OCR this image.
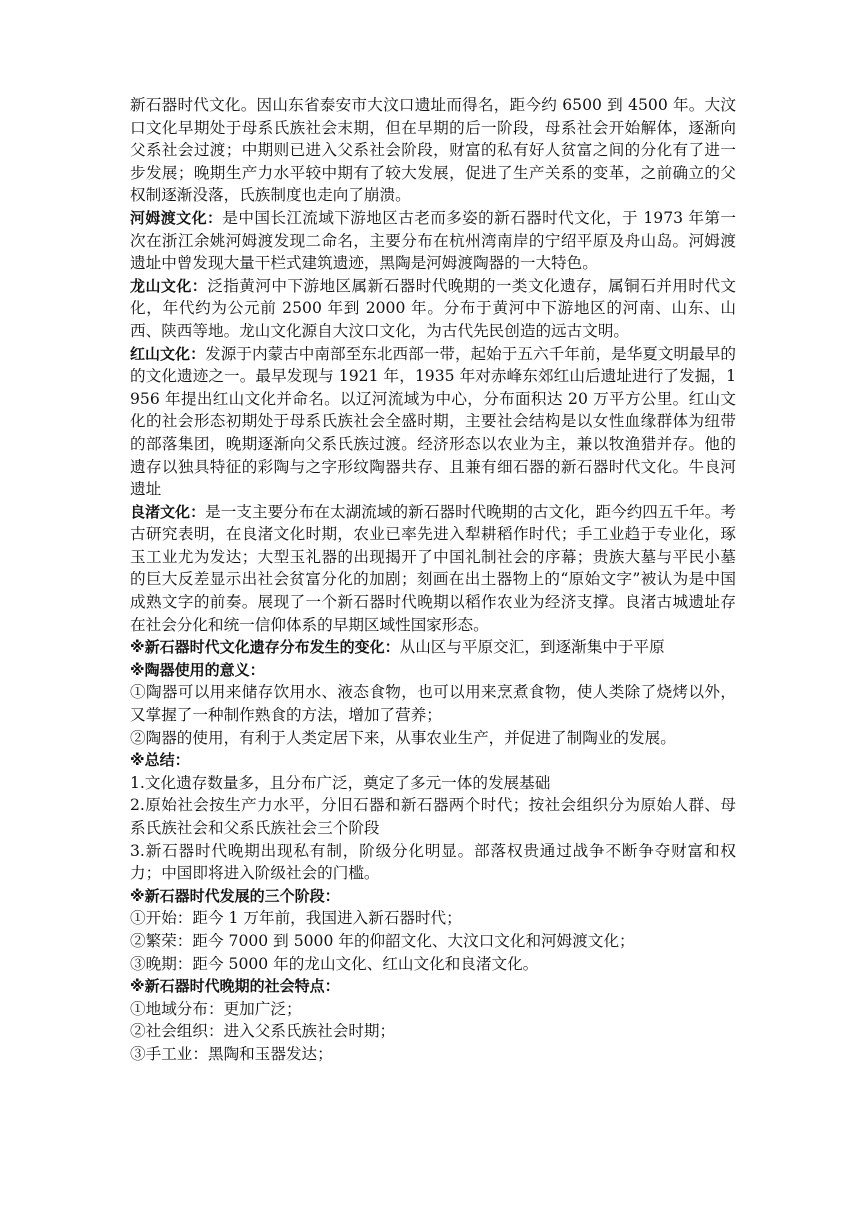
新石器时代文化。因山东省泰安市大汶口遗址而得名，距今约 6500 到 4500 年。大汶口文化早期处于母系氏族社会末期，但在早期的后一阶段，母系社会开始解体，逐渐向父系社会过渡；中期则已进入父系社会阶段，财富的私有好人贫富之间的分化有了进一步发展；晚期生产力水平较中期有了较大发展，促进了生产关系的变革，之前确立的父权制逐渐没落，氏族制度也走向了崩溃。

河姆渡文化：是中国长江流域下游地区古老而多姿的新石器时代文化，于 1973 年第一次在浙江余姚河姆渡发现二命名，主要分布在杭州湾南岸的宁绍平原及舟山岛。河姆渡遗址中曾发现大量干栏式建筑遗迹，黑陶是河姆渡陶器的一大特色。

龙山文化：泛指黄河中下游地区属新石器时代晚期的一类文化遗存，属铜石并用时代文化，年代约为公元前 2500 年到 2000 年。分布于黄河中下游地区的河南、山东、山西、陕西等地。龙山文化源自大汶口文化，为古代先民创造的远古文明。

红山文化：发源于内蒙古中南部至东北西部一带，起始于五六千年前，是华夏文明最早的的文化遗迹之一。最早发现与 1921 年，1935 年对赤峰东郊红山后遗址进行了发掘，1956 年提出红山文化并命名。以辽河流域为中心，分布面积达 20 万平方公里。红山文化的社会形态初期处于母系氏族社会全盛时期，主要社会结构是以女性血缘群体为纽带的部落集团，晚期逐渐向父系氏族过渡。经济形态以农业为主，兼以牧渔猎并存。他的遗存以独具特征的彩陶与之字形纹陶器共存、且兼有细石器的新石器时代文化。牛良河遗址

良渚文化：是一支主要分布在太湖流域的新石器时代晚期的古文化，距今约四五千年。考古研究表明，在良渚文化时期，农业已率先进入犁耕稻作时代；手工业趋于专业化，琢玉工业尤为发达；大型玉礼器的出现揭开了中国礼制社会的序幕；贵族大墓与平民小墓的巨大反差显示出社会贫富分化的加剧；刻画在出土器物上的“原始文字”被认为是中国成熟文字的前奏。展现了一个新石器时代晚期以稻作农业为经济支撑。良渚古城遗址存在社会分化和统一信仰体系的早期区域性国家形态。

※新石器时代文化遗存分布发生的变化：从山区与平原交汇，到逐渐集中于平原

※陶器使用的意义：

①陶器可以用来储存饮用水、液态食物，也可以用来烹煮食物，使人类除了烧烤以外，又掌握了一种制作熟食的方法，增加了营养；

②陶器的使用，有利于人类定居下来，从事农业生产，并促进了制陶业的发展。

※总结：

1.文化遗存数量多，且分布广泛，奠定了多元一体的发展基础

2.原始社会按生产力水平，分旧石器和新石器两个时代；按社会组织分为原始人群、母系氏族社会和父系氏族社会三个阶段

3.新石器时代晚期出现私有制，阶级分化明显。部落权贵通过战争不断争夺财富和权力；中国即将进入阶级社会的门槛。

※新石器时代发展的三个阶段：

①开始：距今 1 万年前，我国进入新石器时代；

②繁荣：距今 7000 到 5000 年的仰韶文化、大汶口文化和河姆渡文化；

③晚期：距今 5000 年的龙山文化、红山文化和良渚文化。

※新石器时代晚期的社会特点：

①地域分布：更加广泛；

②社会组织：进入父系氏族社会时期；

③手工业：黑陶和玉器发达；
